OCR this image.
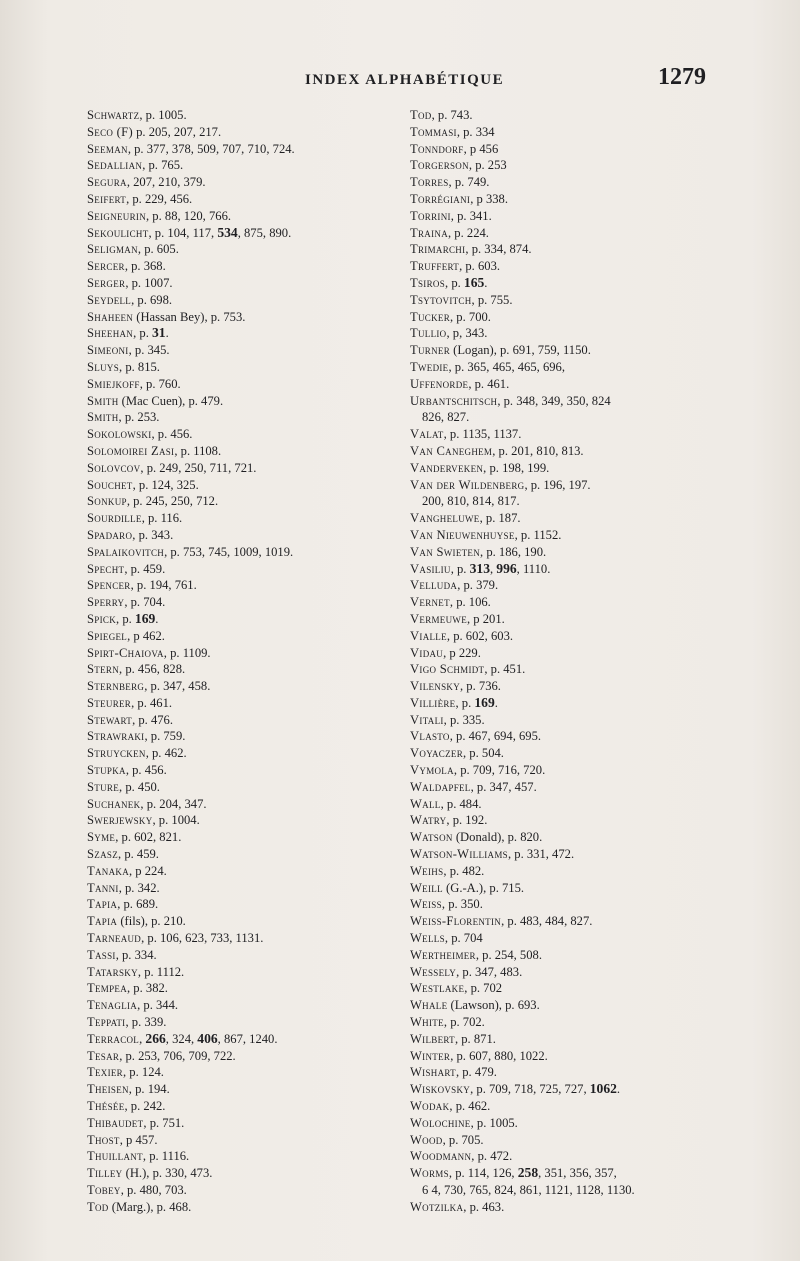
INDEX ALPHABÉTIQUE	1279
Schwartz, p. 1005.
Seco (F) p. 205, 207, 217.
Seeman, p. 377, 378, 509, 707, 710, 724.
Sedallian, p. 765.
Segura, 207, 210, 379.
Seifert, p. 229, 456.
Seigneurin, p. 88, 120, 766.
Sekoulicht, p. 104, 117, 534, 875, 890.
Seligman, p. 605.
Sercer, p. 368.
Serger, p. 1007.
Seydell, p. 698.
Shaheen (Hassan Bey), p. 753.
Sheehan, p. 31.
Simeoni, p. 345.
Sluys, p. 815.
Smiejkoff, p. 760.
Smith (Mac Cuen), p. 479.
Smith, p. 253.
Sokolowski, p. 456.
Solomoirei Zasi, p. 1108.
Solovcov, p. 249, 250, 711, 721.
Souchet, p. 124, 325.
Sonkup, p. 245, 250, 712.
Sourdille, p. 116.
Spadaro, p. 343.
Spalaikovitch, p. 753, 745, 1009, 1019.
Specht, p. 459.
Spencer, p. 194, 761.
Sperry, p. 704.
Spick, p. 169.
Spiegel, p 462.
Spirt-Chaiova, p. 1109.
Stern, p. 456, 828.
Sternberg, p. 347, 458.
Steurer, p. 461.
Stewart, p. 476.
Strawraki, p. 759.
Struycken, p. 462.
Stupka, p. 456.
Sture, p. 450.
Suchanek, p. 204, 347.
Swerjewsky, p. 1004.
Syme, p. 602, 821.
Szasz, p. 459.
Tanaka, p 224.
Tanni, p. 342.
Tapia, p. 689.
Tapia (fils), p. 210.
Tarneaud, p. 106, 623, 733, 1131.
Tassi, p. 334.
Tatarsky, p. 1112.
Tempea, p. 382.
Tenaglia, p. 344.
Teppati, p. 339.
Terracol, 266, 324, 406, 867, 1240.
Tesar, p. 253, 706, 709, 722.
Texier, p. 124.
Theisen, p. 194.
Thésée, p. 242.
Thibaudet, p. 751.
Thost, p 457.
Thuillant, p. 1116.
Tilley (H.), p. 330, 473.
Tobey, p. 480, 703.
Tod (Marg.), p. 468.
Tod, p. 743.
Tommasi, p. 334
Tonndorf, p 456
Torgerson, p. 253
Torres, p. 749.
Torrégiani, p 338.
Torrini, p. 341.
Traina, p. 224.
Trimarchi, p. 334, 874.
Truffert, p. 603.
Tsiros, p. 165.
Tsytovitch, p. 755.
Tucker, p. 700.
Tullio, p, 343.
Turner (Logan), p. 691, 759, 1150.
Twedie, p. 365, 465, 465, 696,
Uffenorde, p. 461.
Urbantschitsch, p. 348, 349, 350, 824
826, 827.
Valat, p. 1135, 1137.
Van Caneghem, p. 201, 810, 813.
Vanderveken, p. 198, 199.
Van der Wildenberg, p. 196, 197.
200, 810, 814, 817.
Vangheluwe, p. 187.
Van Nieuwenhuyse, p. 1152.
Van Swieten, p. 186, 190.
Vasiliu, p. 313, 996, 1110.
Velluda, p. 379.
Vernet, p. 106.
Vermeuwe, p 201.
Vialle, p. 602, 603.
Vidau, p 229.
Vigo Schmidt, p. 451.
Vilensky, p. 736.
Villière, p. 169.
Vitali, p. 335.
Vlasto, p. 467, 694, 695.
Voyaczer, p. 504.
Vymola, p. 709, 716, 720.
Waldapfel, p. 347, 457.
Wall, p. 484.
Watry, p. 192.
Watson (Donald), p. 820.
Watson-Williams, p. 331, 472.
Weihs, p. 482.
Weill (G.-A.), p. 715.
Weiss, p. 350.
Weiss-Florentin, p. 483, 484, 827.
Wells, p. 704
Wertheimer, p. 254, 508.
Wessely, p. 347, 483.
Westlake, p. 702
Whale (Lawson), p. 693.
White, p. 702.
Wilbert, p. 871.
Winter, p. 607, 880, 1022.
Wishart, p. 479.
Wiskovsky, p. 709, 718, 725, 727, 1062.
Wodak, p. 462.
Wolochine, p. 1005.
Wood, p. 705.
Woodmann, p. 472.
Worms, p. 114, 126, 258, 351, 356, 357,
6 4, 730, 765, 824, 861, 1121, 1128, 1130.
Wotzilka, p. 463.
